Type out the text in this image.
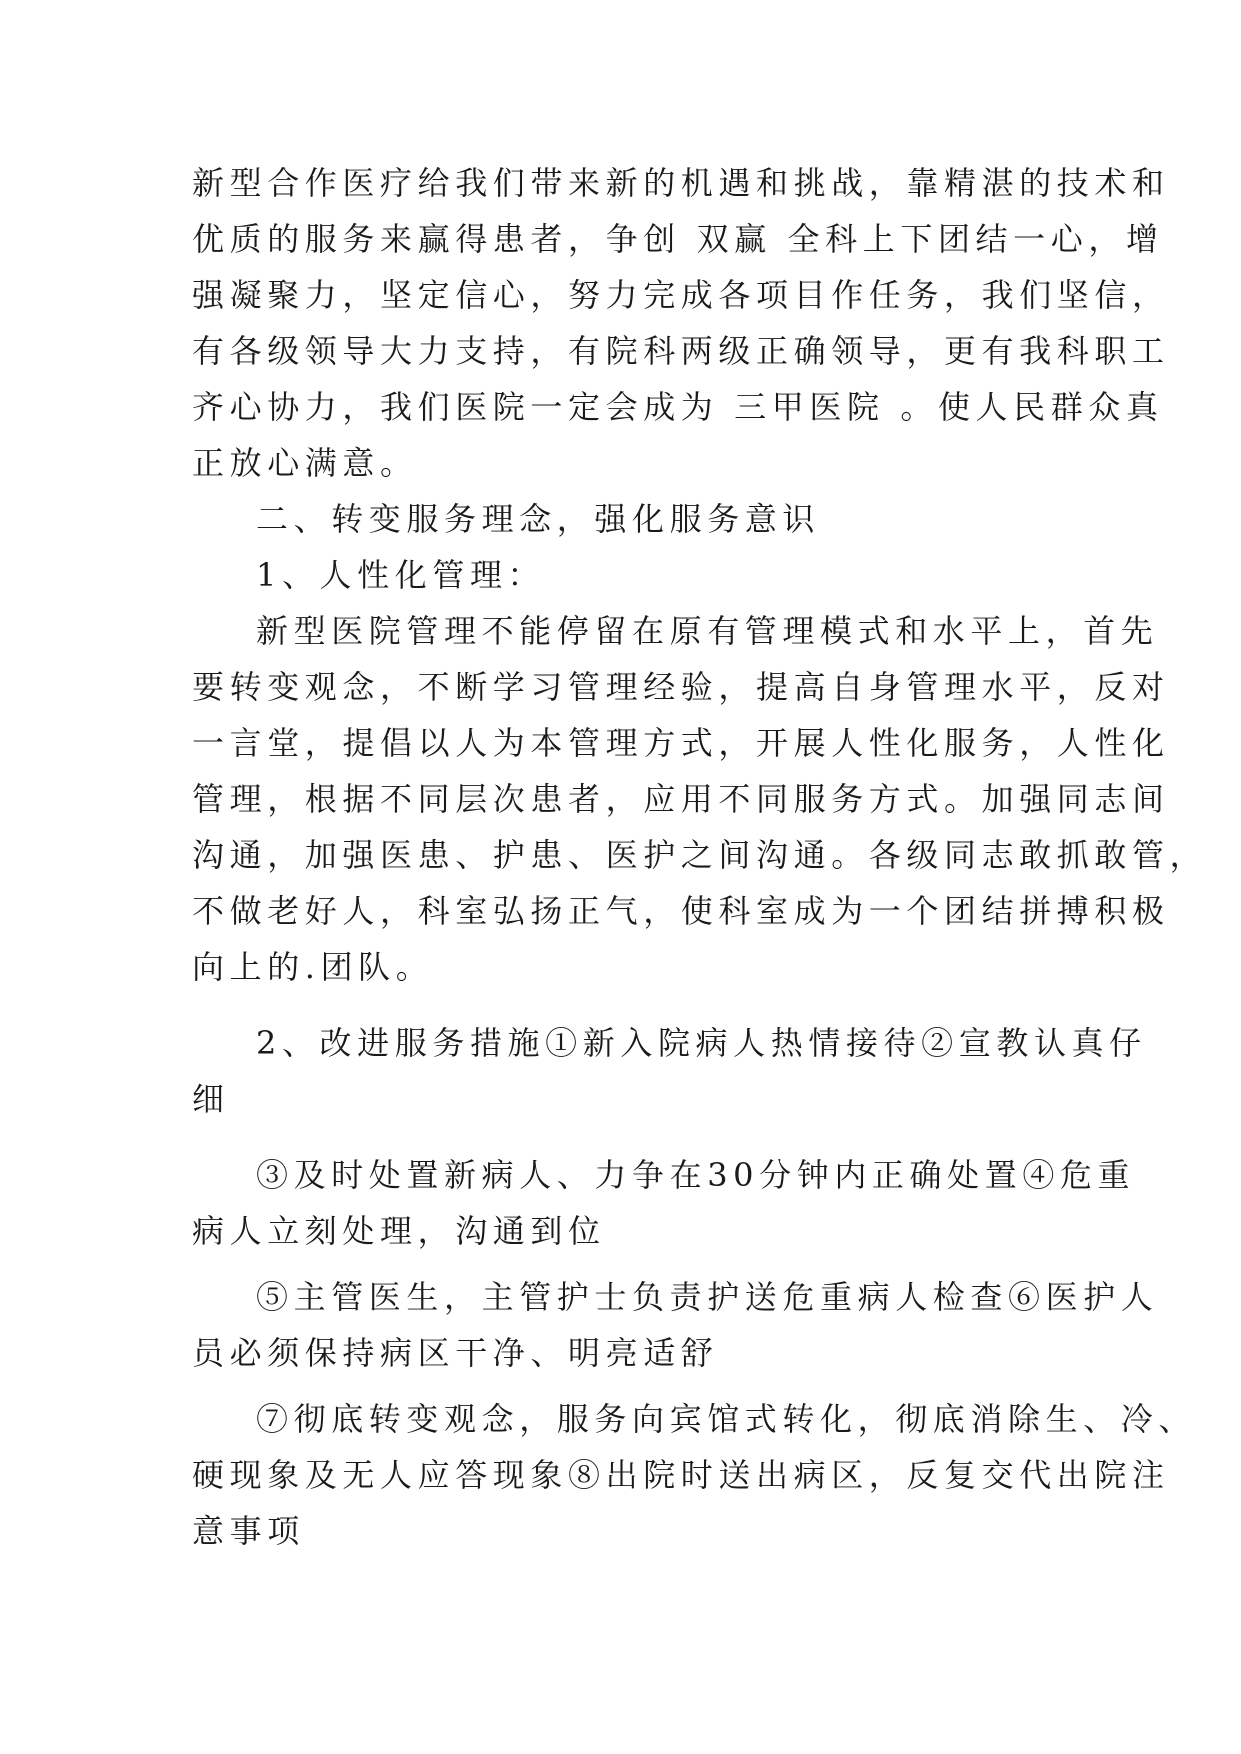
新型合作医疗给我们带来新的机遇和挑战，靠精湛的技术和
优质的服务来赢得患者，争创 双赢 全科上下团结一心，增
强凝聚力，坚定信心，努力完成各项目作任务，我们坚信，
有各级领导大力支持，有院科两级正确领导，更有我科职工
齐心协力，我们医院一定会成为 三甲医院 。使人民群众真
正放心满意。
二、转变服务理念，强化服务意识
1、人性化管理：
新型医院管理不能停留在原有管理模式和水平上，首先
要转变观念，不断学习管理经验，提高自身管理水平，反对
一言堂，提倡以人为本管理方式，开展人性化服务，人性化
管理，根据不同层次患者，应用不同服务方式。加强同志间
沟通，加强医患、护患、医护之间沟通。各级同志敢抓敢管，
不做老好人，科室弘扬正气，使科室成为一个团结拼搏积极
向上的.团队。
2、改进服务措施①新入院病人热情接待②宣教认真仔
细
③及时处置新病人、力争在30分钟内正确处置④危重
病人立刻处理，沟通到位
⑤主管医生，主管护士负责护送危重病人检查⑥医护人
员必须保持病区干净、明亮适舒
⑦彻底转变观念，服务向宾馆式转化，彻底消除生、冷、
硬现象及无人应答现象⑧出院时送出病区，反复交代出院注
意事项
